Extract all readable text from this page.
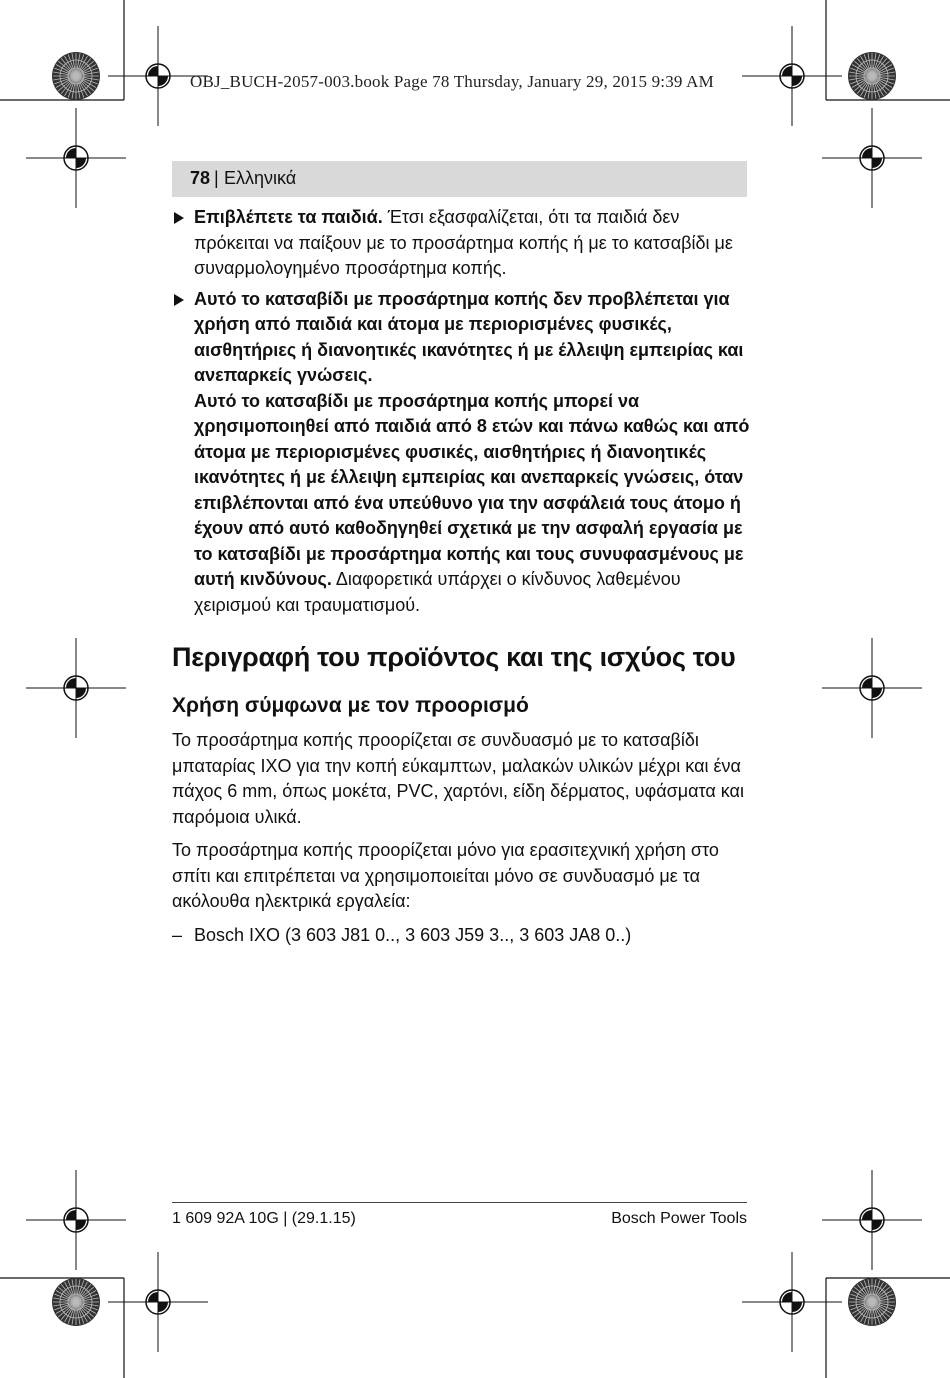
OBJ_BUCH-2057-003.book Page 78 Thursday, January 29, 2015 9:39 AM
78 | Ελληνικά

Επιβλέπετε τα παιδιά. Έτσι εξασφαλίζεται, ότι τα παιδιά δεν πρόκειται να παίξουν με το προσάρτημα κοπής ή με το κατσαβίδι με συναρμολογημένο προσάρτημα κοπής.

Αυτό το κατσαβίδι με προσάρτημα κοπής δεν προβλέπεται για χρήση από παιδιά και άτομα με περιορισμένες φυσικές, αισθητήριες ή διανοητικές ικανότητες ή με έλλειψη εμπειρίας και ανεπαρκείς γνώσεις.

Αυτό το κατσαβίδι με προσάρτημα κοπής μπορεί να χρησιμοποιηθεί από παιδιά από 8 ετών και πάνω καθώς και από άτομα με περιορισμένες φυσικές, αισθητήριες ή διανοητικές ικανότητες ή με έλλειψη εμπειρίας και ανεπαρκείς γνώσεις, όταν επιβλέπονται από ένα υπεύθυνο για την ασφάλειά τους άτομο ή έχουν από αυτό καθοδηγηθεί σχετικά με την ασφαλή εργασία με το κατσαβίδι με προσάρτημα κοπής και τους συνυφασμένους με αυτή κινδύνους. Διαφορετικά υπάρχει ο κίνδυνος λαθεμένου χειρισμού και τραυματισμού.

Περιγραφή του προϊόντος και της ισχύος του
Χρήση σύμφωνα με τον προορισμό

Το προσάρτημα κοπής προορίζεται σε συνδυασμό με το κατσαβίδι μπαταρίας IXO για την κοπή εύκαμπτων, μαλακών υλικών μέχρι και ένα πάχος 6 mm, όπως μοκέτα, PVC, χαρτόνι, είδη δέρματος, υφάσματα και παρόμοια υλικά.

Το προσάρτημα κοπής προορίζεται μόνο για ερασιτεχνική χρήση στο σπίτι και επιτρέπεται να χρησιμοποιείται μόνο σε συνδυασμό με τα ακόλουθα ηλεκτρικά εργαλεία:

– Bosch IXO (3 603 J81 0.., 3 603 J59 3.., 3 603 JA8 0..)
1 609 92A 10G | (29.1.15)	Bosch Power Tools
